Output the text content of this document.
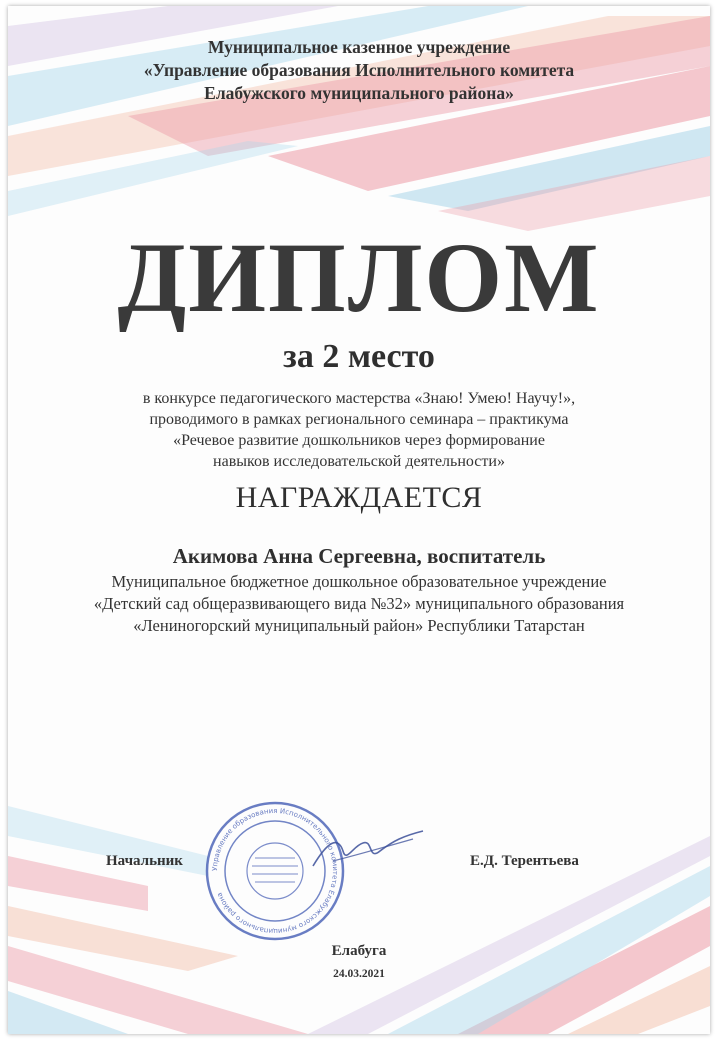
Муниципальное казенное учреждение
«Управление образования Исполнительного комитета
Елабужского муниципального района»
ДИПЛОМ
за 2 место
в конкурсе педагогического мастерства «Знаю! Умею! Научу!»,
проводимого в рамках регионального семинара – практикума
«Речевое развитие дошкольников через формирование
навыков исследовательской деятельности»
НАГРАЖДАЕТСЯ
Акимова Анна Сергеевна, воспитатель
Муниципальное бюджетное дошкольное образовательное учреждение
«Детский сад общеразвивающего вида №32» муниципального образования
«Лениногорский муниципальный район» Республики Татарстан
Управление образования Исполнительного комитета Елабужского муниципального района
Начальник	Е.Д. Терентьева
Елабуга
24.03.2021
